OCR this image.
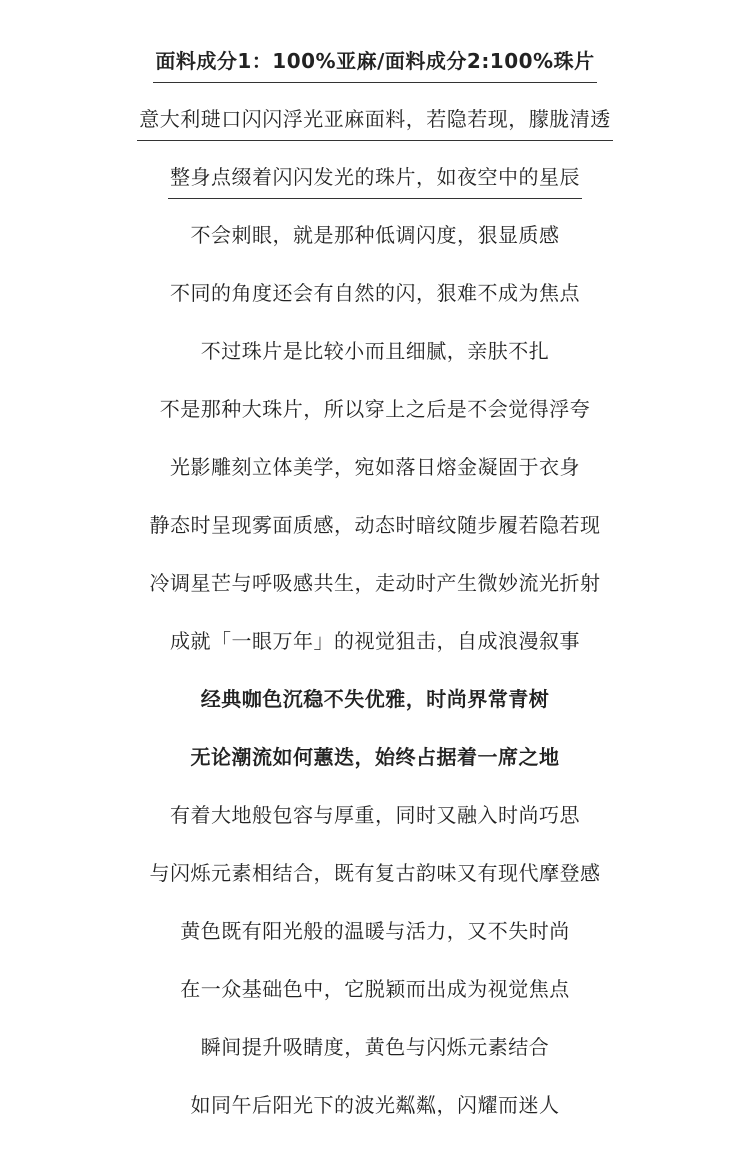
面料成分1：100%亚麻/面料成分2:100%珠片
意大利琎口闪闪浮光亚麻面料，若隐若现，朦胧清透
整身点缀着闪闪发光的珠片，如夜空中的星辰
不会刺眼，就是那种低调闪度，狠显质感
不同的角度还会有自然的闪，狠难不成为焦点
不过珠片是比较小而且细腻，亲肤不扎
不是那种大珠片，所以穿上之后是不会觉得浮夸
光影雕刻立体美学，宛如落日熔金凝固于衣身
静态时呈现雾面质感，动态时暗纹随步履若隐若现
冷调星芒与呼吸感共生，走动时产生微妙流光折射
成就「一眼万年」的视觉狙击，自成浪漫叙事
经典咖色沉稳不失优雅，时尚界常青树
无论潮流如何蕙迭，始终占据着一席之地
有着大地般包容与厚重，同时又融入时尚巧思
与闪烁元素相结合，既有复古韵味又有现代摩登感
黄色既有阳光般的温暖与活力，又不失时尚
在一众基础色中，它脱颖而出成为视觉焦点
瞬间提升吸睛度，黄色与闪烁元素结合
如同午后阳光下的波光粼粼，闪耀而迷人
